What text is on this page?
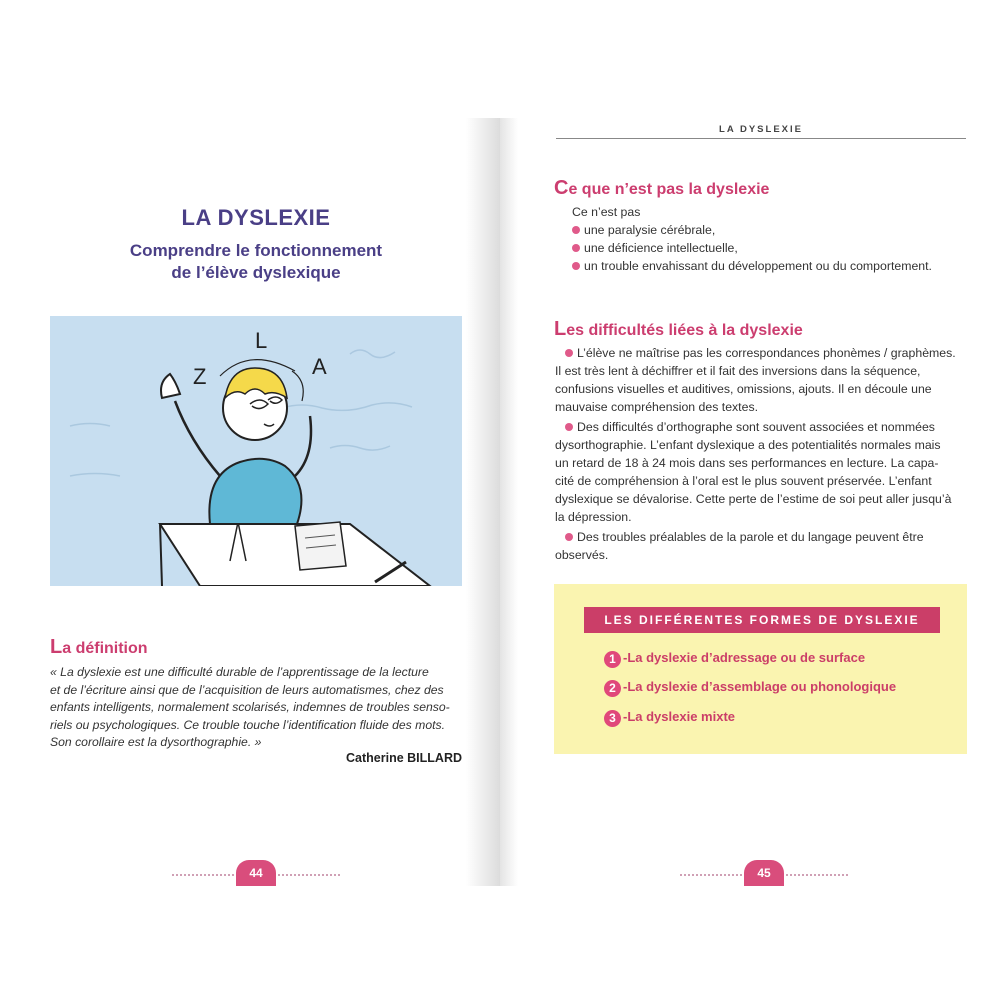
LA DYSLEXIE
Comprendre le fonctionnement
de l’élève dyslexique
Z
L
A
La définition
« La dyslexie est une difficulté durable de l’apprentissage de la lecture
et de l’écriture ainsi que de l’acquisition de leurs automatismes, chez des
enfants intelligents, normalement scolarisés, indemnes de troubles senso-
riels ou psychologiques. Ce trouble touche l’identification fluide des mots.
Son corollaire est la dysorthographie. »
Catherine BILLARD
44
LA DYSLEXIE
Ce que n’est pas la dyslexie
Ce n’est pas
une paralysie cérébrale,
une déficience intellectuelle,
un trouble envahissant du développement ou du comportement.
Les difficultés liées à la dyslexie
L’élève ne maîtrise pas les correspondances phonèmes / graphèmes.
Il est très lent à déchiffrer et il fait des inversions dans la séquence,
confusions visuelles et auditives, omissions, ajouts. Il en découle une
mauvaise compréhension des textes.
Des difficultés d’orthographe sont souvent associées et nommées
dysorthographie. L’enfant dyslexique a des potentialités normales mais
un retard de 18 à 24 mois dans ses performances en lecture. La capa-
cité de compréhension à l’oral est le plus souvent préservée. L’enfant
dyslexique se dévalorise. Cette perte de l’estime de soi peut aller jusqu’à
la dépression.
Des troubles préalables de la parole et du langage peuvent être
observés.
LES DIFFÉRENTES FORMES DE DYSLEXIE
1 -La dyslexie d’adressage ou de surface
2 -La dyslexie d’assemblage ou phonologique
3 -La dyslexie mixte
45
